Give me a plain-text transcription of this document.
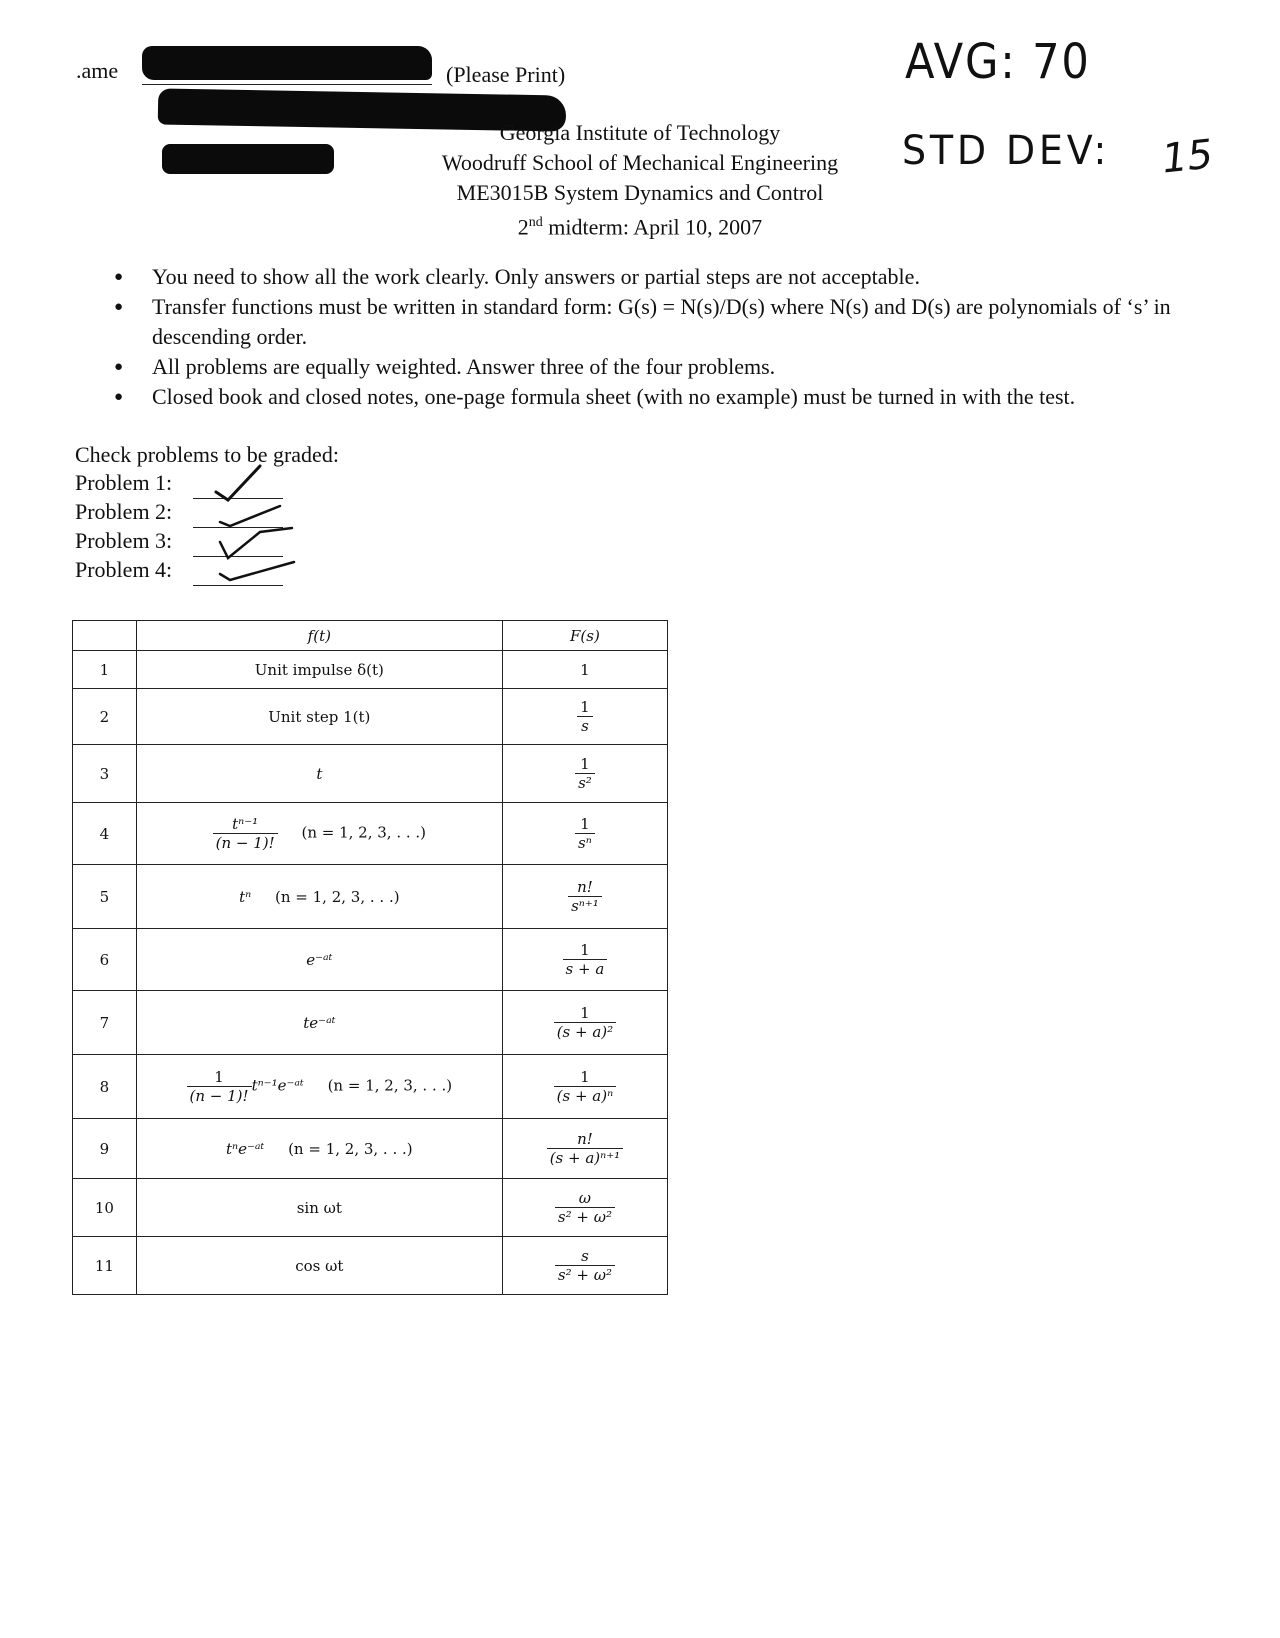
.ame	(Please Print)	AVG: 70
STD DEV: 15
Georgia Institute of Technology
Woodruff School of Mechanical Engineering
ME3015B System Dynamics and Control
2nd midterm: April 10, 2007
● You need to show all the work clearly. Only answers or partial steps are not acceptable.
● Transfer functions must be written in standard form: G(s) = N(s)/D(s) where N(s) and D(s) are polynomials of ‘s’ in descending order.
● All problems are equally weighted. Answer three of the four problems.
● Closed book and closed notes, one-page formula sheet (with no example) must be turned in with the test.
Check problems to be graded:
Problem 1:
Problem 2:
Problem 3:
Problem 4:
	f(t)	F(s)
1	Unit impulse δ(t)	1
2	Unit step 1(t)	$\frac{1}{s}$

3	t	$\frac{1}{\text{s²}}$

4	$\frac{\text{tⁿ⁻¹}}{(n - 1)!} (n = 1$, 2, 3, . . .)	$\frac{1}{\text{sⁿ}}$

5	tⁿ (n = 1, 2, 3, . . .)	$\frac{n!}{\text{sⁿ⁺¹}}$

6	e⁻ᵃᵗ	$\frac{1}{s + a}$

7	te⁻ᵃᵗ	$\frac{1}{\text{(s + a)²}}$

8	$\frac{1}{(n - 1)!}$ tⁿ⁻¹e⁻ᵃᵗ (n = 1, 2, 3, . . .)	$\frac{1}{\text{(s + a)ⁿ}}$

9	tⁿe⁻ᵃᵗ (n = 1, 2, 3, . . .)	$\frac{n!}{\text{(s + a)ⁿ⁺¹}}$

10	sin ωt	$\frac{\omega}{\text{s² + ω²}}$

11	cos ωt	$\frac{s}{\text{s² + ω²}}$
